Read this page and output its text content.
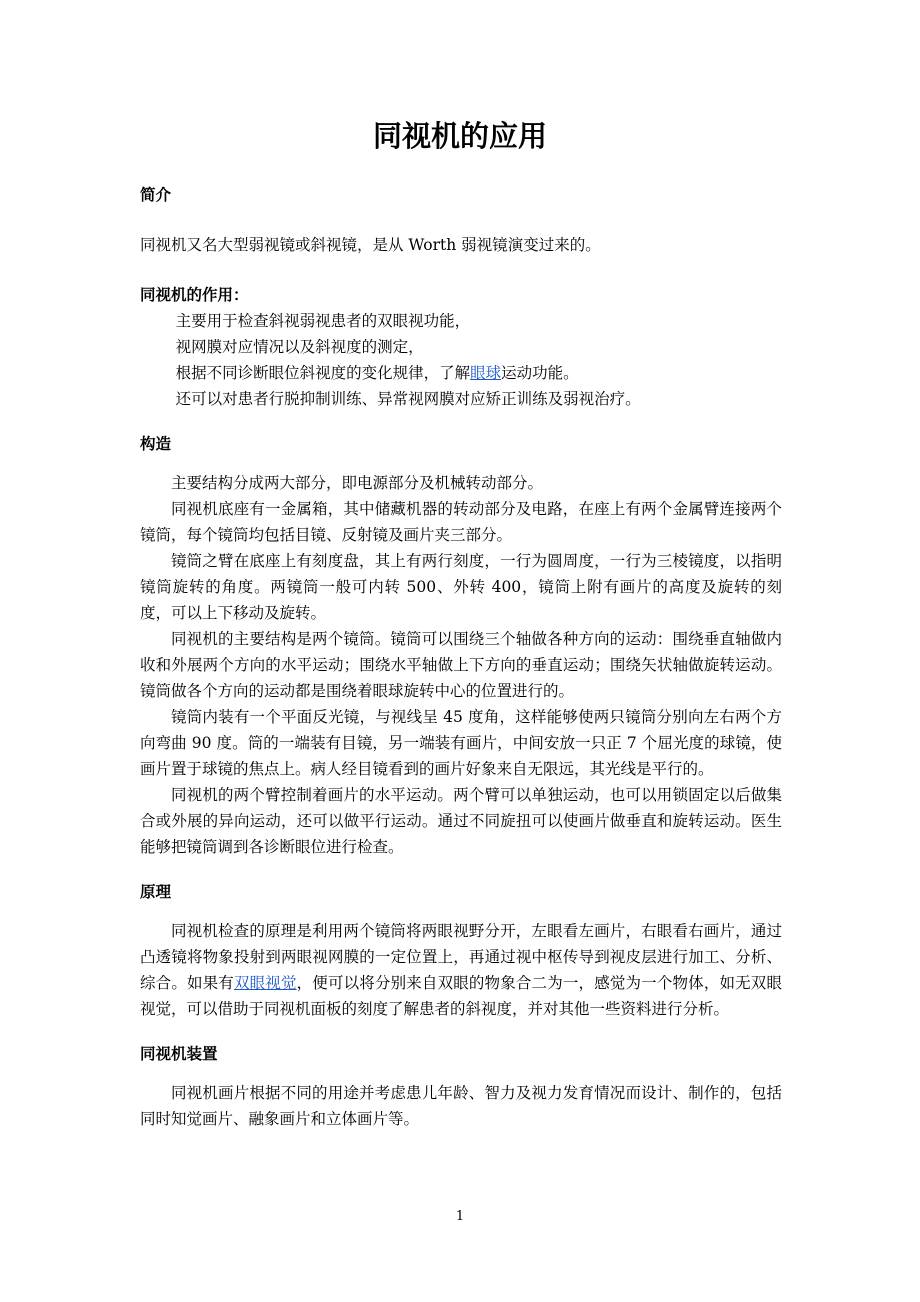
同视机的应用

简介

同视机又名大型弱视镜或斜视镜，是从 Worth 弱视镜演变过来的。

同视机的作用：

主要用于检查斜视弱视患者的双眼视功能，

视网膜对应情况以及斜视度的测定，

根据不同诊断眼位斜视度的变化规律，了解眼球运动功能。

还可以对患者行脱抑制训练、异常视网膜对应矫正训练及弱视治疗。

构造

主要结构分成两大部分，即电源部分及机械转动部分。

同视机底座有一金属箱，其中储藏机器的转动部分及电路，在座上有两个金属臂连接两个镜筒，每个镜筒均包括目镜、反射镜及画片夹三部分。

镜筒之臂在底座上有刻度盘，其上有两行刻度，一行为圆周度，一行为三棱镜度，以指明镜筒旋转的角度。两镜筒一般可内转 500、外转 400，镜筒上附有画片的高度及旋转的刻度，可以上下移动及旋转。

同视机的主要结构是两个镜筒。镜筒可以围绕三个轴做各种方向的运动：围绕垂直轴做内收和外展两个方向的水平运动；围绕水平轴做上下方向的垂直运动；围绕矢状轴做旋转运动。镜筒做各个方向的运动都是围绕着眼球旋转中心的位置进行的。

镜筒内装有一个平面反光镜，与视线呈 45 度角，这样能够使两只镜筒分别向左右两个方向弯曲 90 度。筒的一端装有目镜，另一端装有画片，中间安放一只正 7 个屈光度的球镜，使画片置于球镜的焦点上。病人经目镜看到的画片好象来自无限远，其光线是平行的。

同视机的两个臂控制着画片的水平运动。两个臂可以单独运动，也可以用锁固定以后做集合或外展的异向运动，还可以做平行运动。通过不同旋扭可以使画片做垂直和旋转运动。医生能够把镜筒调到各诊断眼位进行检查。

原理

同视机检查的原理是利用两个镜筒将两眼视野分开，左眼看左画片，右眼看右画片，通过凸透镜将物象投射到两眼视网膜的一定位置上，再通过视中枢传导到视皮层进行加工、分析、综合。如果有双眼视觉，便可以将分别来自双眼的物象合二为一，感觉为一个物体，如无双眼视觉，可以借助于同视机面板的刻度了解患者的斜视度，并对其他一些资料进行分析。

同视机装置

同视机画片根据不同的用途并考虑患儿年龄、智力及视力发育情况而设计、制作的，包括同时知觉画片、融象画片和立体画片等。

1
